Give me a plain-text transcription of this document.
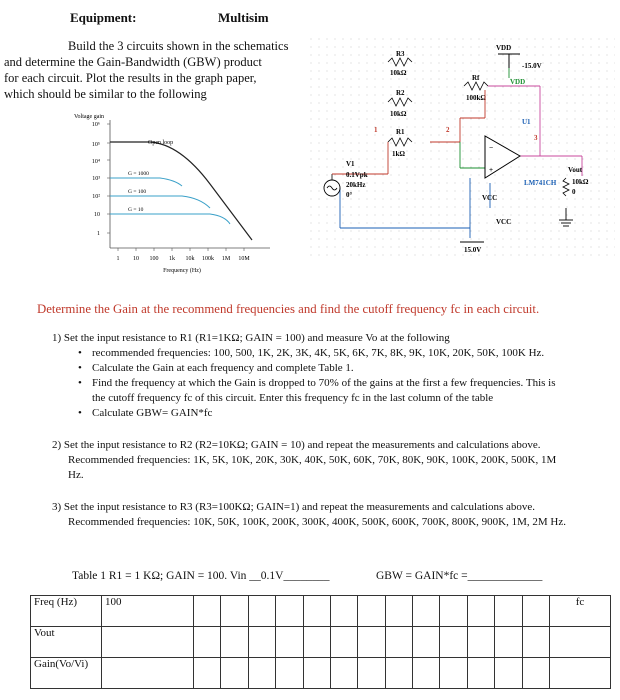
Equipment:	Multisim
Build the 3 circuits shown in the schematics
and determine the Gain-Bandwidth (GBW) product
for each circuit. Plot the results in the graph paper,
which should be similar to the following
Voltage gain
10⁶
10⁵
10⁴
10³
10²
10
1
Open loop
G = 1000
G = 100
G = 10
1 10 100 1k 10k 100k 1M 10M
Frequency (Hz)
VDD
-15.0V
R3
10kΩ
Rf
100kΩ
VDD
R2
10kΩ
R1
1kΩ
1	2
3
U1
−
+
V1
0.1Vpk
20kHz
0°
Vout
LM741CH 10kΩ
0
VCC
VCC
15.0V
Determine the Gain at the recommend frequencies and find the cutoff frequency fc in each circuit.
1) Set the input resistance to R1 (R1=1KΩ; GAIN = 100) and measure Vo at the following
• recommended frequencies: 100, 500, 1K, 2K, 3K, 4K, 5K, 6K, 7K, 8K, 9K, 10K, 20K, 50K, 100K Hz.
• Calculate the Gain at each frequency and complete Table 1.
• Find the frequency at which the Gain is dropped to 70% of the gains at the first a few frequencies. This is
the cutoff frequency fc of this circuit. Enter this frequency fc in the last column of the table
• Calculate GBW= GAIN*fc
2) Set the input resistance to R2 (R2=10KΩ; GAIN = 10) and repeat the measurements and calculations above.
Recommended frequencies: 1K, 5K, 10K, 20K, 30K, 40K, 50K, 60K, 70K, 80K, 90K, 100K, 200K, 500K, 1M
Hz.
3) Set the input resistance to R3 (R3=100KΩ; GAIN=1) and repeat the measurements and calculations above.
Recommended frequencies: 10K, 50K, 100K, 200K, 300K, 400K, 500K, 600K, 700K, 800K, 900K, 1M, 2M Hz.
Table 1 R1 = 1 KΩ; GAIN = 100. Vin __0.1V________	GBW = GAIN*fc =_____________
Freq (Hz)	100														fc
Vout															
Gain(Vo/Vi)															
